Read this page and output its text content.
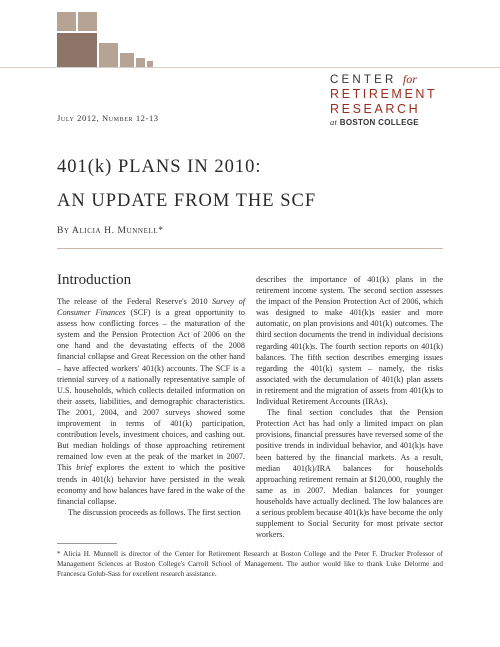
CENTER for
RETIREMENT
RESEARCH
at BOSTON COLLEGE
July 2012, Number 12-13
401(k) PLANS IN 2010:
AN UPDATE FROM THE SCF
By Alicia H. Munnell*
Introduction

The release of the Federal Reserve's 2010 Survey of Consumer Finances (SCF) is a great opportunity to assess how conflicting forces – the maturation of the system and the Pension Protection Act of 2006 on the one hand and the devastating effects of the 2008 financial collapse and Great Recession on the other hand – have affected workers' 401(k) accounts. The SCF is a triennial survey of a nationally representative sample of U.S. households, which collects detailed information on their assets, liabilities, and demographic characteristics. The 2001, 2004, and 2007 surveys showed some improvement in terms of 401(k) participation, contribution levels, investment choices, and cashing out. But median holdings of those approaching retirement remained low even at the peak of the market in 2007. This brief explores the extent to which the positive trends in 401(k) behavior have persisted in the weak economy and how balances have fared in the wake of the financial collapse.

The discussion proceeds as follows. The first section

describes the importance of 401(k) plans in the retirement income system. The second section assesses the impact of the Pension Protection Act of 2006, which was designed to make 401(k)s easier and more automatic, on plan provisions and 401(k) outcomes. The third section documents the trend in individual decisions regarding 401(k)s. The fourth section reports on 401(k) balances. The fifth section describes emerging issues regarding the 401(k) system – namely, the risks associated with the decumulation of 401(k) plan assets in retirement and the migration of assets from 401(k)s to Individual Retirement Accounts (IRAs).

The final section concludes that the Pension Protection Act has had only a limited impact on plan provisions, financial pressures have reversed some of the positive trends in individual behavior, and 401(k)s have been battered by the financial markets. As a result, median 401(k)/IRA balances for households approaching retirement remain at $120,000, roughly the same as in 2007. Median balances for younger households have actually declined. The low balances are a serious problem because 401(k)s have become the only supplement to Social Security for most private sector workers.

* Alicia H. Munnell is director of the Center for Retirement Research at Boston College and the Peter F. Drucker Professor of Management Sciences at Boston College's Carroll School of Management. The author would like to thank Luke Delorme and Francesca Golub-Sass for excellent research assistance.
